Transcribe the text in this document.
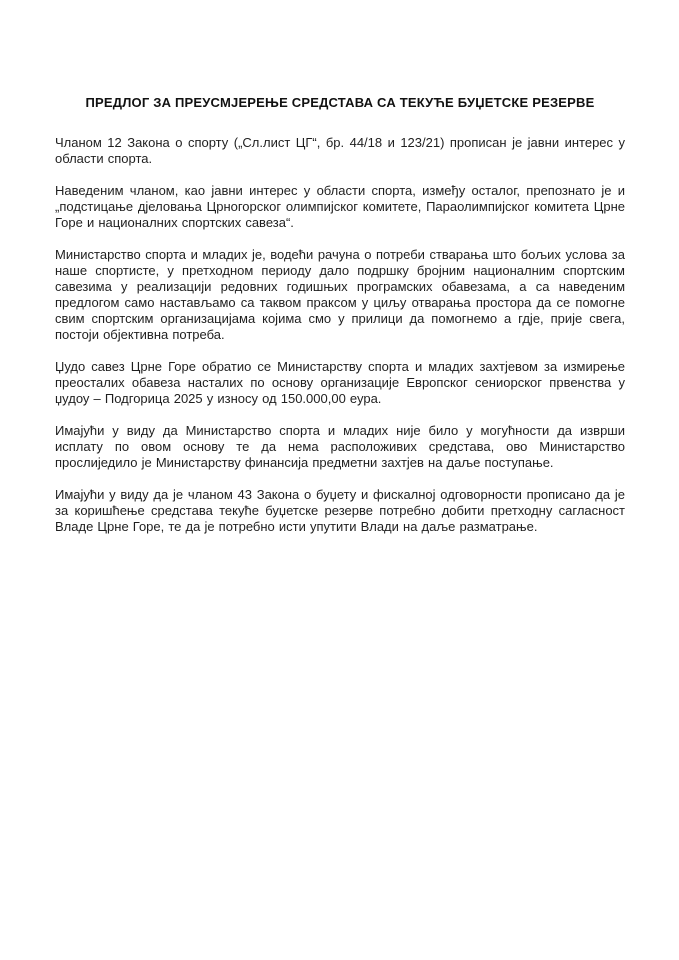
ПРЕДЛОГ ЗА ПРЕУСМЈЕРЕЊЕ СРЕДСТАВА СА ТЕКУЋЕ БУЏЕТСКЕ РЕЗЕРВЕ

Чланом 12 Закона о спорту („Сл.лист ЦГ“, бр. 44/18 и 123/21) прописан је јавни интерес у области спорта.

Наведеним чланом, као јавни интерес у области спорта, између осталог, препознато је и „подстицање дјеловања Црногорског олимпијског комитете, Параолимпијског комитета Црне Горе и националних спортских савеза“.

Министарство спорта и младих је, водећи рачуна о потреби стварања што бољих услова за наше спортисте, у претходном периоду дало подршку бројним националним спортским савезима у реализацији редовних годишњих програмских обавезама, а са наведеним предлогом само настављамо са таквом праксом у циљу отварања простора да се помогне свим спортским организацијама којима смо у прилици да помогнемо а гдје, прије свега, постоји објективна потреба.

Џудо савез Црне Горе обратио се Министарству спорта и младих захтјевом за измирење преосталих обавеза насталих по основу организације Европског сениорског првенства у џудоу – Подгорица 2025 у износу од 150.000,00 еура.

Имајући у виду да Министарство спорта и младих није било у могућности да изврши исплату по овом основу те да нема расположивих средстава, ово Министарство прослиједило је Министарству финансија предметни захтјев на даље поступање.

Имајући у виду да је чланом 43 Закона о буџету и фискалној одговорности прописано да је за коришћење средстава текуће буџетске резерве потребно добити претходну сагласност Владе Црне Горе, те да је потребно исти упутити Влади на даље разматрање.
